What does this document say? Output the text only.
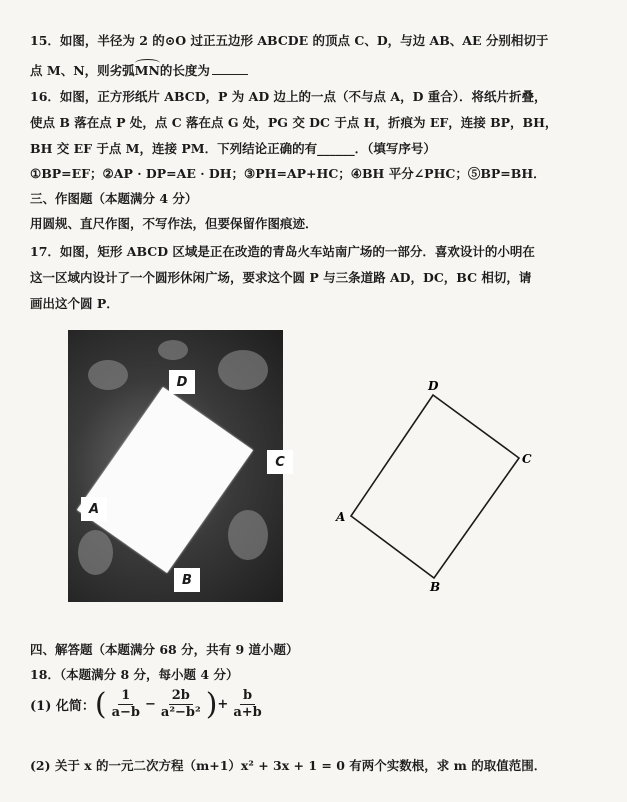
15．如图，半径为 2 的⊙O 过正五边形 ABCDE 的顶点 C、D，与边 AB、AE 分别相切于
点 M、N，则劣弧MN的长度为
16．如图，正方形纸片 ABCD，P 为 AD 边上的一点（不与点 A，D 重合）．将纸片折叠，
使点 B 落在点 P 处，点 C 落在点 G 处，PG 交 DC 于点 H，折痕为 EF，连接 BP，BH，
BH 交 EF 于点 M，连接 PM．下列结论正确的有______．（填写序号）
①BP=EF；②AP · DP=AE · DH；③PH=AP+HC；④BH 平分∠PHC；⑤BP=BH．
三、作图题（本题满分 4 分）
用圆规、直尺作图，不写作法，但要保留作图痕迹．
17．如图，矩形 ABCD 区域是正在改造的青岛火车站南广场的一部分．喜欢设计的小明在
这一区域内设计了一个圆形休闲广场，要求这个圆 P 与三条道路 AD，DC，BC 相切，请
画出这个圆 P．
D
C
A
B
D
C
A
B
四、解答题（本题满分 68 分，共有 9 道小题）
18．（本题满分 8 分，每小题 4 分）
(1) 化简： ( $\frac{1}{a-b} - \frac{2b}{\text{a²−b²}}$ ) + $\frac{b}{a+b}$
(2) 关于 x 的一元二次方程（m+1）x² + 3x + 1 = 0 有两个实数根，求 m 的取值范围．
